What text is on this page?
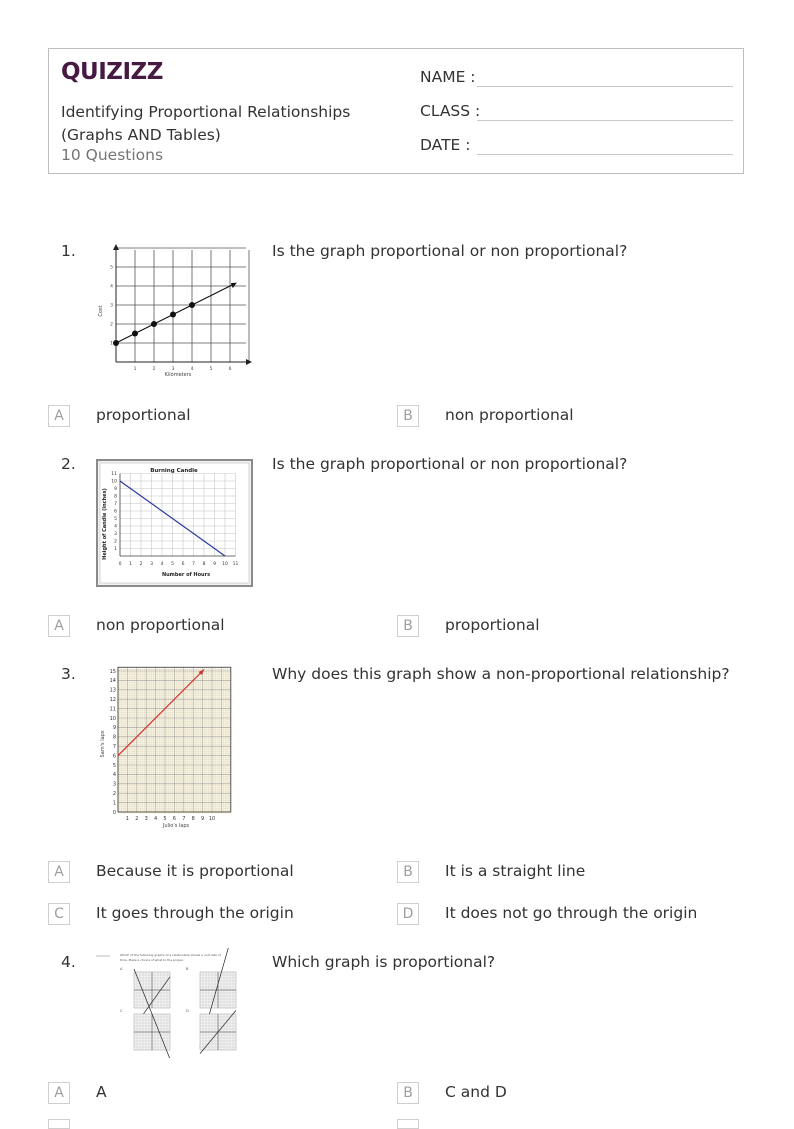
QUIZIZZ
Identifying Proportional Relationships (Graphs AND Tables)
10 Questions
NAME :
CLASS :
DATE :
1.	Is the graph proportional or non proportional?
1	2	3	4	5	6
1
2
3
4
5
Cost
Kilometers
A	proportional	B	non proportional
2.	Is the graph proportional or non proportional?
Burning Candle
0 1 2 3 4 5 6 7 8 9 10 11
1
2
3
4
5
6
7
8
9
10
11
Height of Candle (inches)
Number of Hours
A	non proportional	B	proportional
3.	Why does this graph show a non-proportional relationship?
1 2 3 4 5 6 7 8 9 10
0
1
2
3
4
5
6
7
8
9
10
11
12
13
14
15
Sam's laps
Julio's laps
A	Because it is proportional	B	It is a straight line
C	It goes through the origin	D	It does not go through the origin
4.	Which graph is proportional?
Which of the following graphs of a relationship shows a unit rate of
time. Make a choice of what to the proper.
A	B
C	D
A	A	B	C and D
